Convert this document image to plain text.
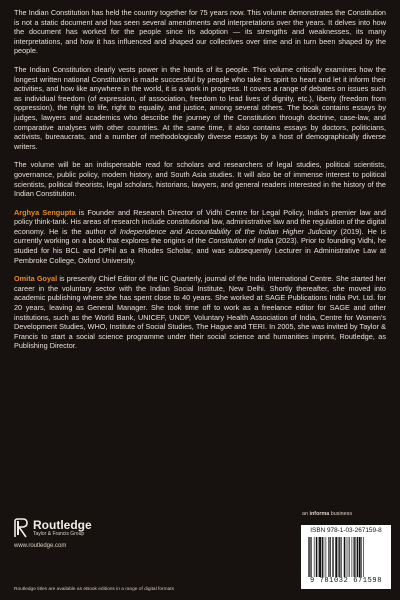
The Indian Constitution has held the country together for 75 years now. This volume demonstrates the Constitution is not a static document and has seen several amendments and interpretations over the years. It delves into how the document has worked for the people since its adoption — its strengths and weaknesses, its many interpretations, and how it has influenced and shaped our collectives over time and in turn been shaped by the people.

The Indian Constitution clearly vests power in the hands of its people. This volume critically examines how the longest written national Constitution is made successful by people who take its spirit to heart and let it inform their activities, and how like anywhere in the world, it is a work in progress. It covers a range of debates on issues such as individual freedom (of expression, of association, freedom to lead lives of dignity, etc.), liberty (freedom from oppression), the right to life, right to equality, and justice, among several others. The book contains essays by judges, lawyers and academics who describe the journey of the Constitution through doctrine, case-law, and comparative analyses with other countries. At the same time, it also contains essays by doctors, politicians, activists, bureaucrats, and a number of methodologically diverse essays by a host of demographically diverse writers.

The volume will be an indispensable read for scholars and researchers of legal studies, political scientists, governance, public policy, modern history, and South Asia studies. It will also be of immense interest to political scientists, political theorists, legal scholars, historians, lawyers, and general readers interested in the history of the Indian Constitution.

Arghya Sengupta is Founder and Research Director of Vidhi Centre for Legal Policy, India's premier law and policy think-tank. His areas of research include constitutional law, administrative law and the regulation of the digital economy. He is the author of Independence and Accountability of the Indian Higher Judiciary (2019). He is currently working on a book that explores the origins of the Constitution of India (2023). Prior to founding Vidhi, he studied for his BCL and DPhil as a Rhodes Scholar, and was subsequently Lecturer in Administrative Law at Pembroke College, Oxford University.

Omita Goyal is presently Chief Editor of the IIC Quarterly, journal of the India International Centre. She started her career in the voluntary sector with the Indian Social Institute, New Delhi. Shortly thereafter, she moved into academic publishing where she has spent close to 40 years. She worked at SAGE Publications India Pvt. Ltd. for 20 years, leaving as General Manager. She took time off to work as a freelance editor for SAGE and other institutions, such as the World Bank, UNICEF, UNDP, Voluntary Health Association of India, Centre for Women's Development Studies, WHO, Institute of Social Studies, The Hague and TERI. In 2005, she was invited by Taylor & Francis to start a social science programme under their social science and humanities imprint, Routledge, as Publishing Director.

Routledge
Taylor & Francis Group
www.routledge.com
an informa business
ISBN 978-1-03-267159-8
9 781032 671598
Routledge titles are available as eBook editions in a range of digital formats
